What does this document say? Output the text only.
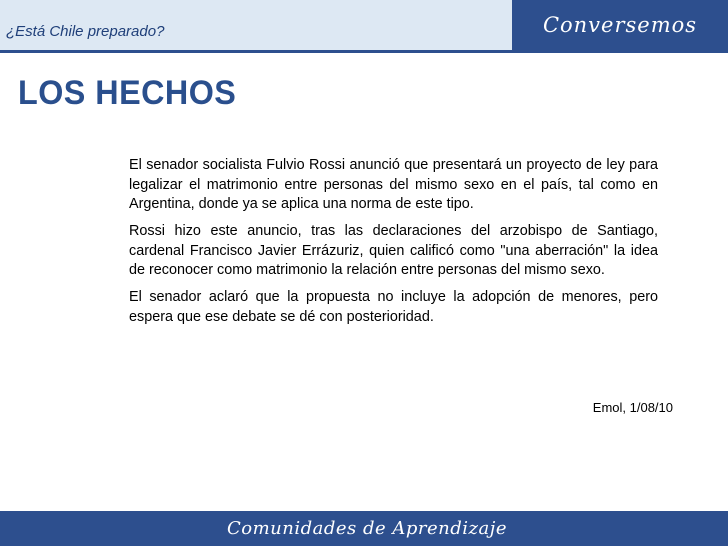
¿Está Chile preparado?	Conversemos
LOS HECHOS

El senador socialista Fulvio Rossi anunció que presentará un proyecto de ley para legalizar el matrimonio entre personas del mismo sexo en el país, tal como en Argentina, donde ya se aplica una norma de este tipo.

Rossi hizo este anuncio, tras las declaraciones del arzobispo de Santiago, cardenal Francisco Javier Errázuriz, quien calificó como "una aberración" la idea de reconocer como matrimonio la relación entre personas del mismo sexo.

El senador aclaró que la propuesta no incluye la adopción de menores, pero espera que ese debate se dé con posterioridad.

Emol, 1/08/10
Comunidades de Aprendizaje
